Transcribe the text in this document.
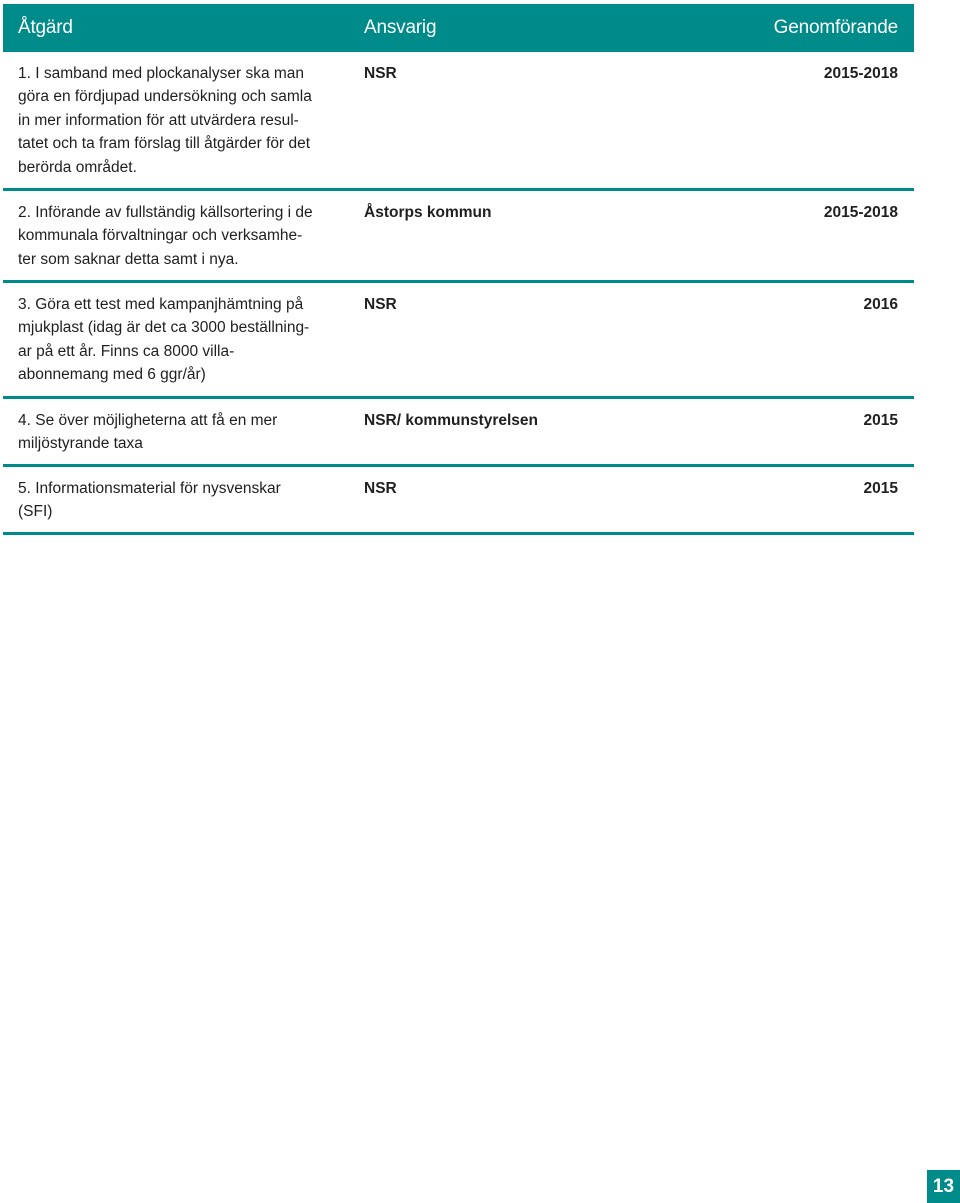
Åtgärd	Ansvarig	Genomförande
1. I samband med plockanalyser ska man
göra en fördjupad undersökning och samla
in mer information för att utvärdera resul-
tatet och ta fram förslag till åtgärder för det
berörda området.
NSR	2015-2018
2. Införande av fullständig källsortering i de
kommunala förvaltningar och verksamhe-
ter som saknar detta samt i nya.
Åstorps kommun	2015-2018
3. Göra ett test med kampanjhämtning på
mjukplast (idag är det ca 3000 beställning-
ar på ett år. Finns ca 8000 villa-
abonnemang med 6 ggr/år)
NSR	2016
4. Se över möjligheterna att få en mer
miljöstyrande taxa
NSR/ kommunstyrelsen	2015
5. Informationsmaterial för nysvenskar
(SFI)
NSR	2015
13
